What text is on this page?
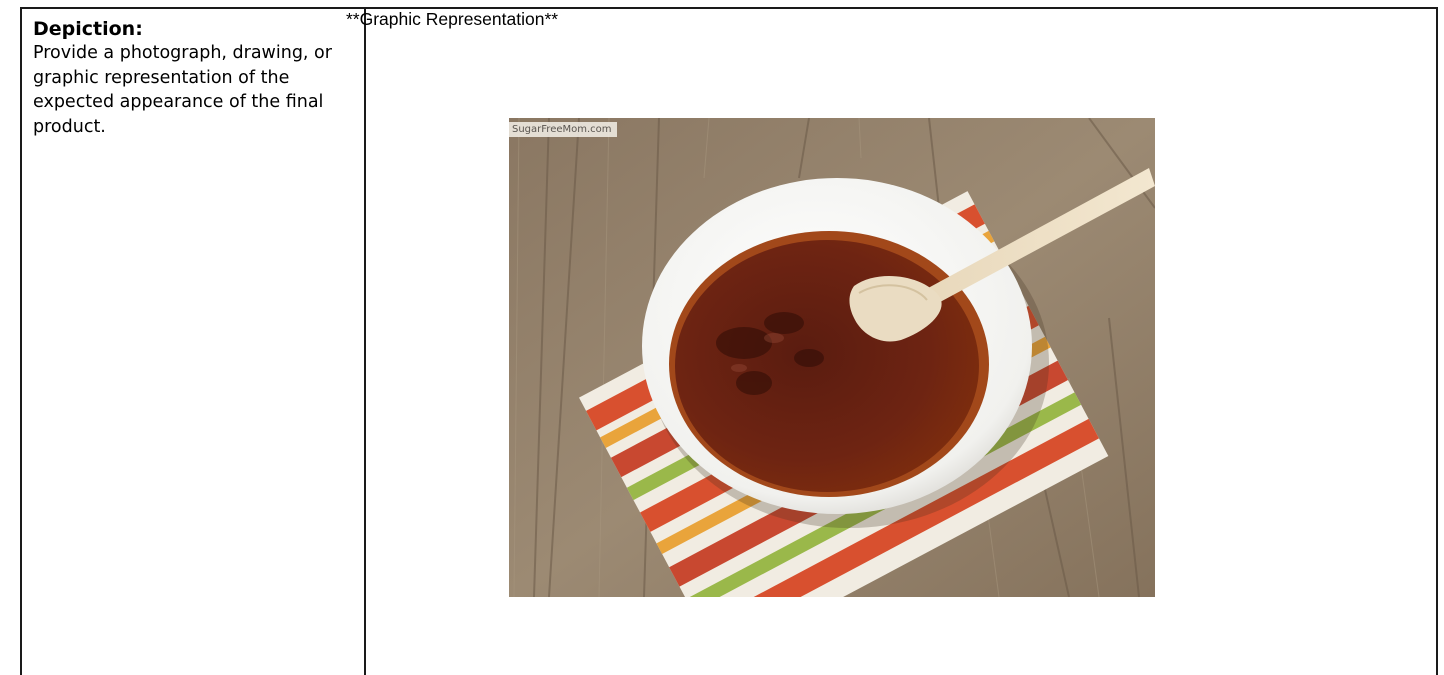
Depiction:
Provide a photograph, drawing, or graphic representation of the expected appearance of the final product.
**Graphic Representation**
SugarFreeMom.com
